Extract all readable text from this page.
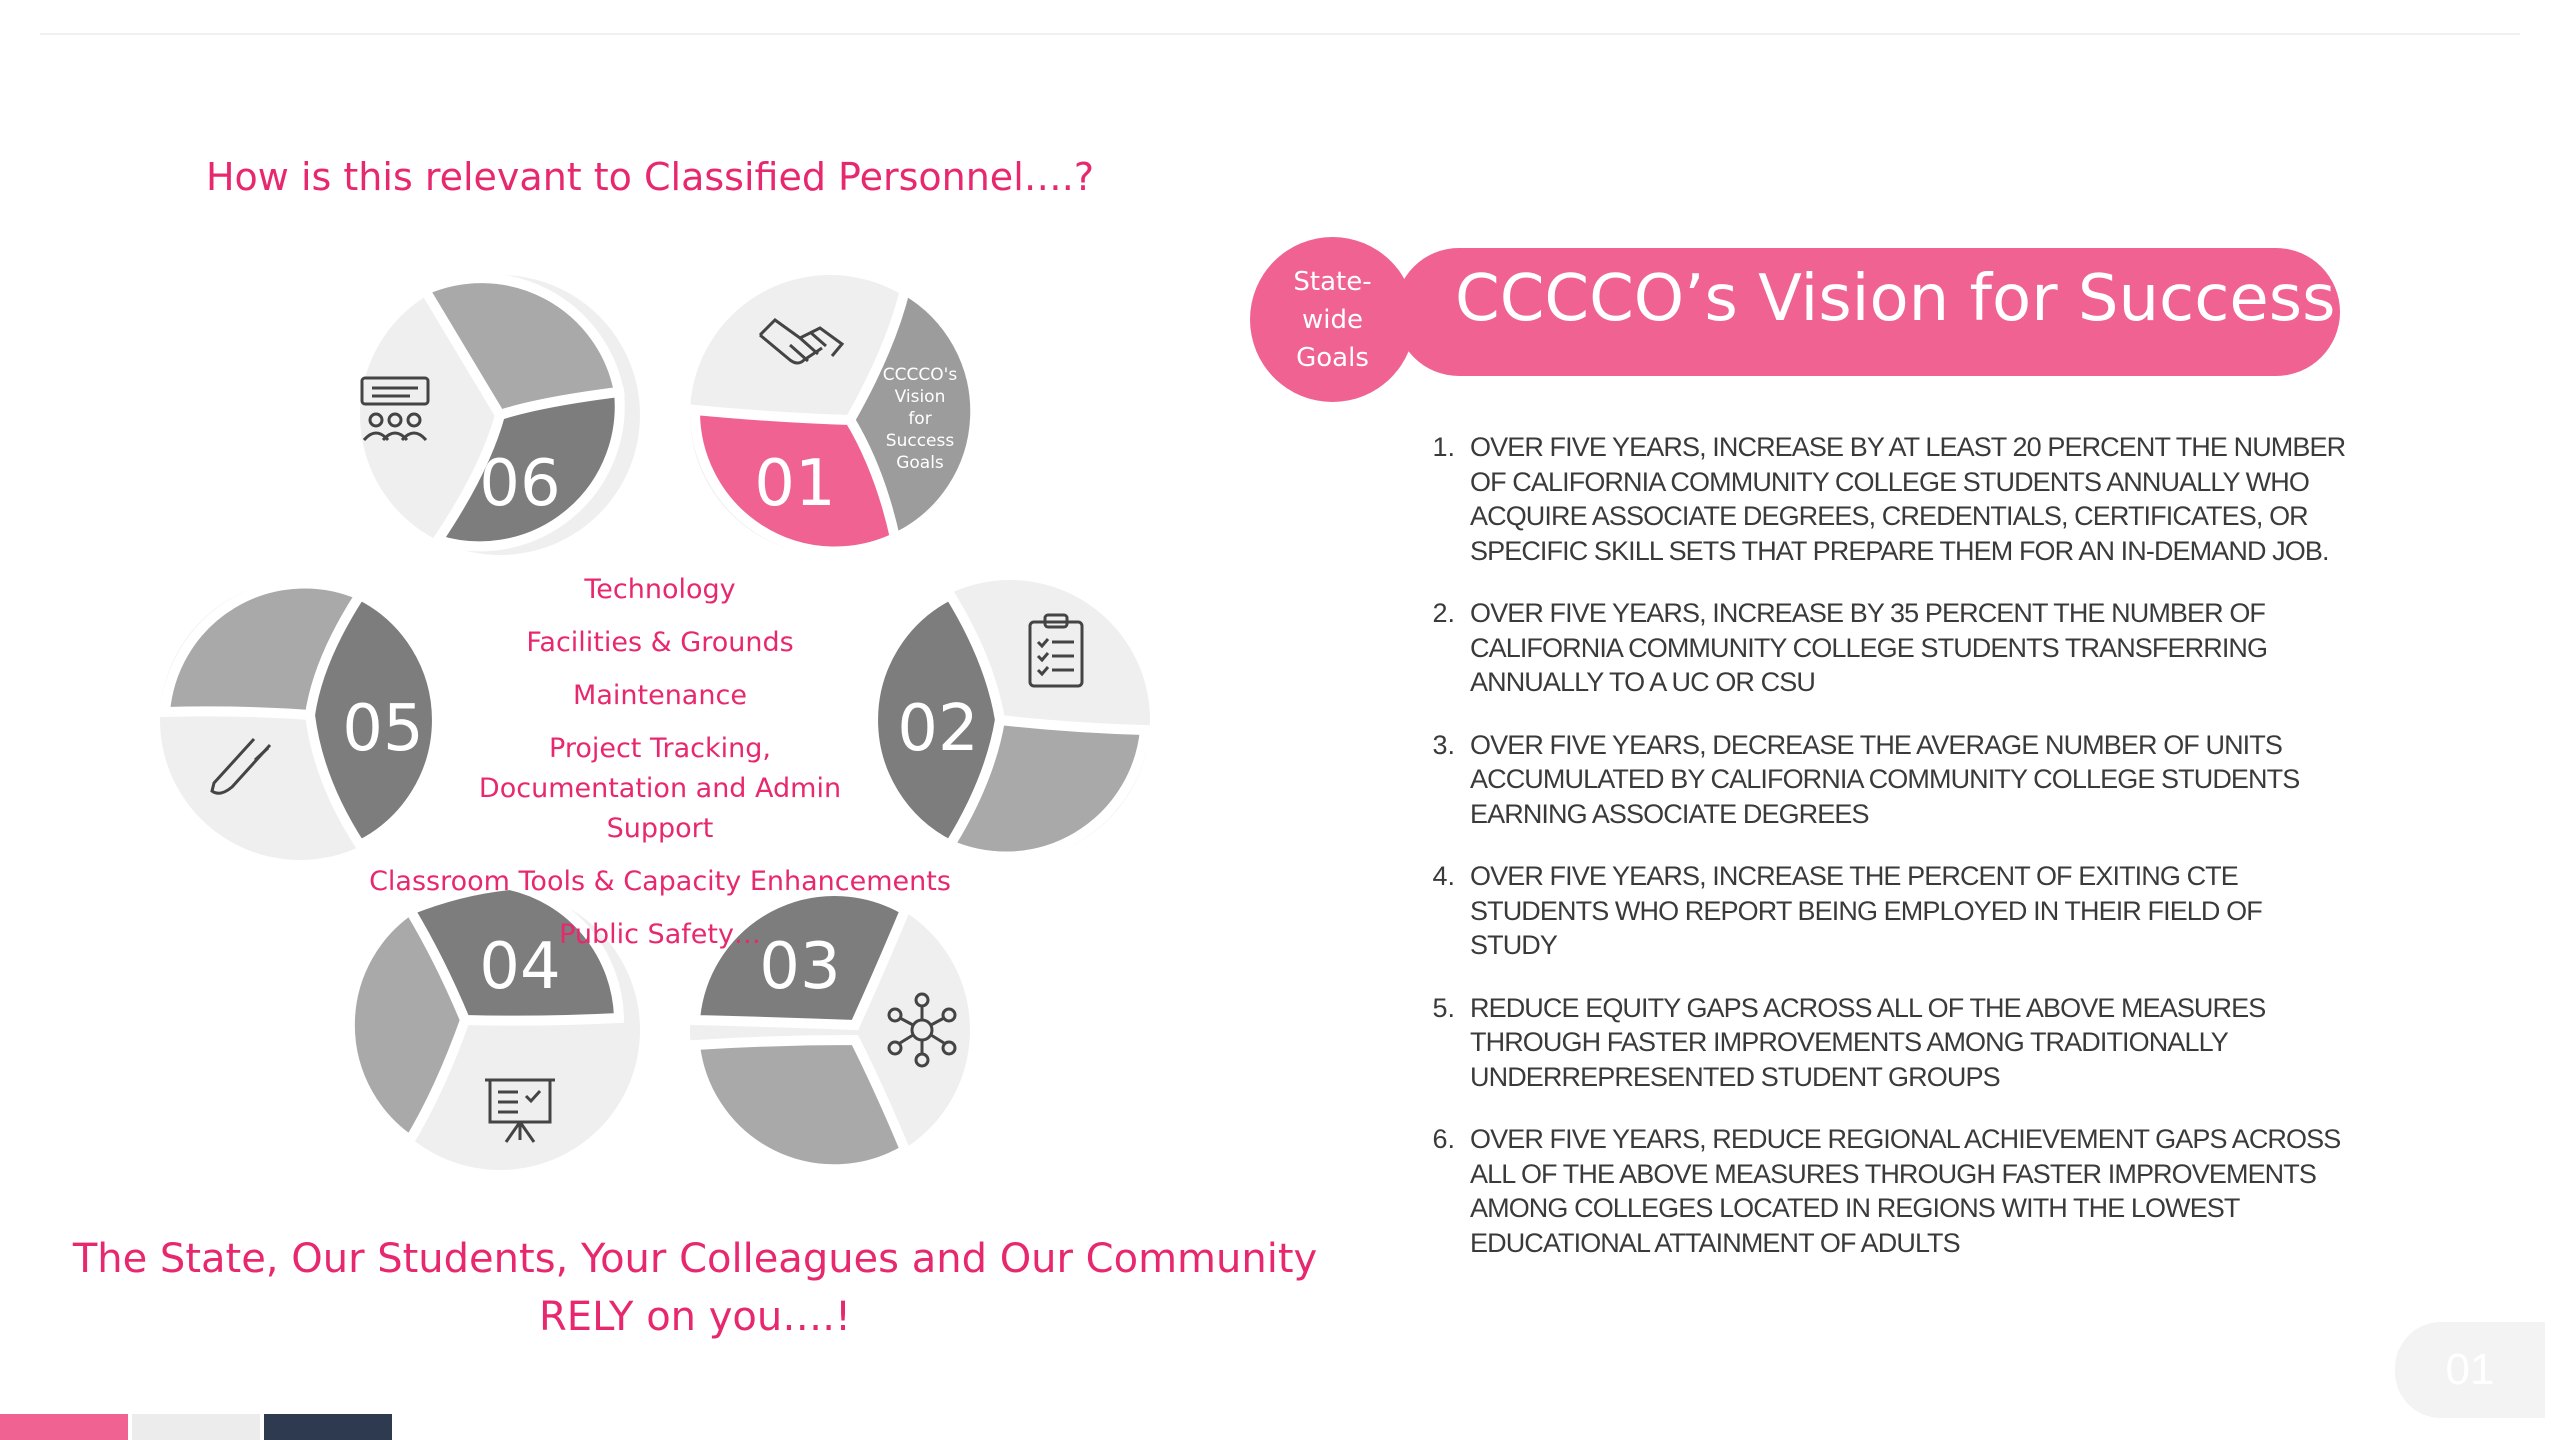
How is this relevant to Classified Personnel….?
06
CCCCO's
Vision
for
Success
Goals
01
05	02
04	03
Technology
Facilities & Grounds
Maintenance
Project Tracking, Documentation and Admin Support
Classroom Tools & Capacity Enhancements
Public Safety…
The State, Our Students, Your Colleagues and Our Community
RELY on you….!
State-
wide
Goals
CCCCO’s Vision for Success
1. OVER FIVE YEARS, INCREASE BY AT LEAST 20 PERCENT THE NUMBER OF CALIFORNIA COMMUNITY COLLEGE STUDENTS ANNUALLY WHO ACQUIRE ASSOCIATE DEGREES, CREDENTIALS, CERTIFICATES, OR SPECIFIC SKILL SETS THAT PREPARE THEM FOR AN IN-DEMAND JOB.
2. OVER FIVE YEARS, INCREASE BY 35 PERCENT THE NUMBER OF CALIFORNIA COMMUNITY COLLEGE STUDENTS TRANSFERRING ANNUALLY TO A UC OR CSU
3. OVER FIVE YEARS, DECREASE THE AVERAGE NUMBER OF UNITS ACCUMULATED BY CALIFORNIA COMMUNITY COLLEGE STUDENTS EARNING ASSOCIATE DEGREES
4. OVER FIVE YEARS, INCREASE THE PERCENT OF EXITING CTE STUDENTS WHO REPORT BEING EMPLOYED IN THEIR FIELD OF STUDY
5. REDUCE EQUITY GAPS ACROSS ALL OF THE ABOVE MEASURES THROUGH FASTER IMPROVEMENTS AMONG TRADITIONALLY UNDERREPRESENTED STUDENT GROUPS
6. OVER FIVE YEARS, REDUCE REGIONAL ACHIEVEMENT GAPS ACROSS ALL OF THE ABOVE MEASURES THROUGH FASTER IMPROVEMENTS AMONG COLLEGES LOCATED IN REGIONS WITH THE LOWEST EDUCATIONAL ATTAINMENT OF ADULTS
01
